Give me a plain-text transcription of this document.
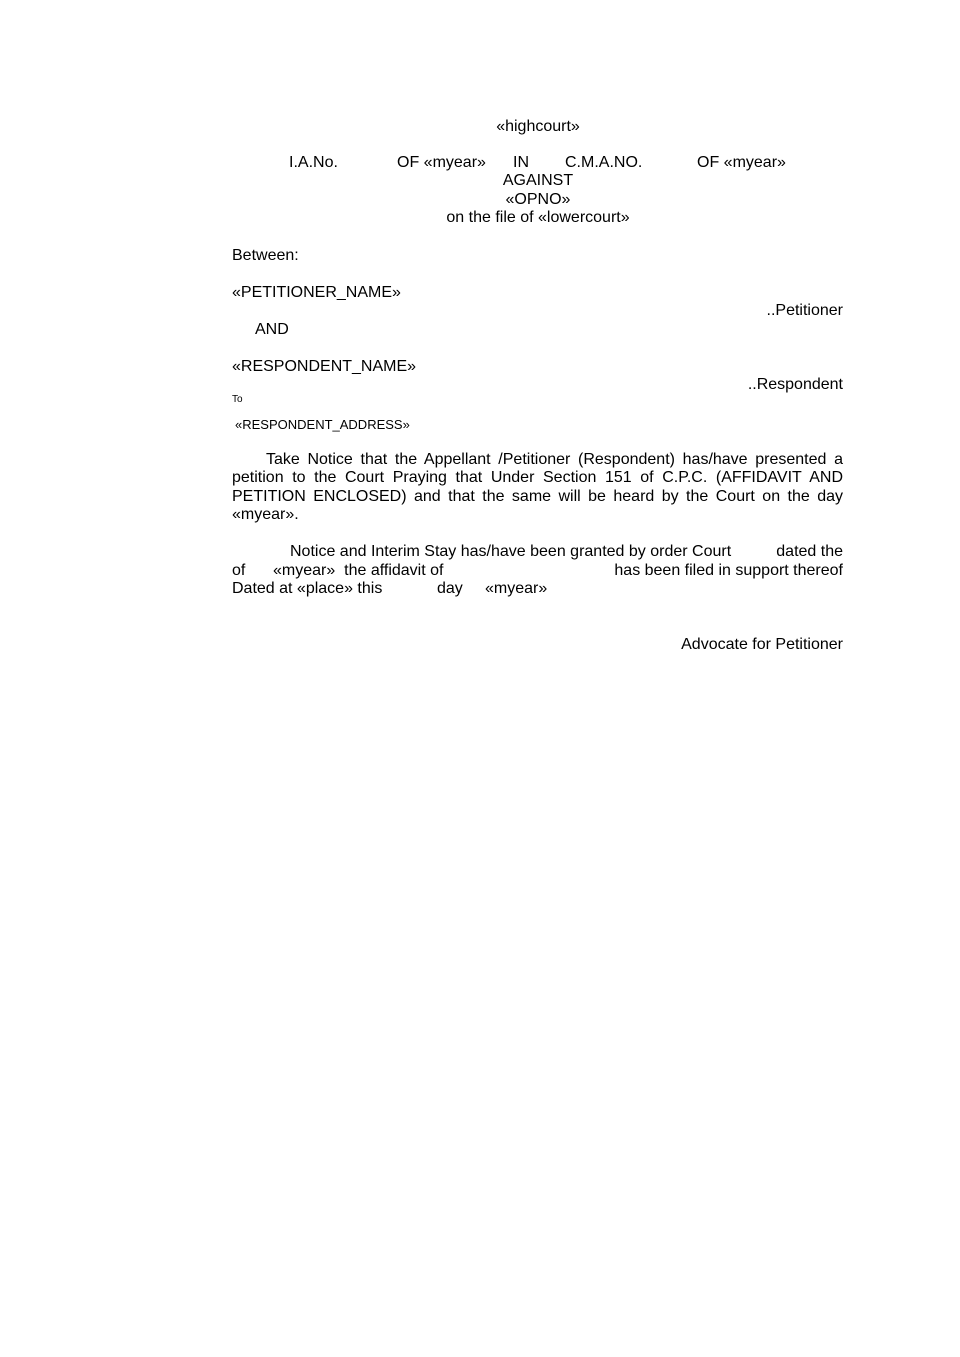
«highcourt»
I.A.No.	OF «myear» IN C.M.A.NO.	OF «myear»
AGAINST
«OPNO»
on the file of «lowercourt»
Between:
«PETITIONER_NAME»
..Petitioner
AND
«RESPONDENT_NAME»
..Respondent
To
«RESPONDENT_ADDRESS»
Take Notice that the Appellant /Petitioner (Respondent) has/have presented a petition to the Court Praying that Under Section 151 of C.P.C. (AFFIDAVIT AND PETITION ENCLOSED) and that the same will be heard by the Court on the day «myear».
Notice and Interim Stay has/have been granted by order Court	dated the
of «myear»  the affidavit of	has been filed in support thereof
Dated at «place» this	day «myear»
Advocate for Petitioner
